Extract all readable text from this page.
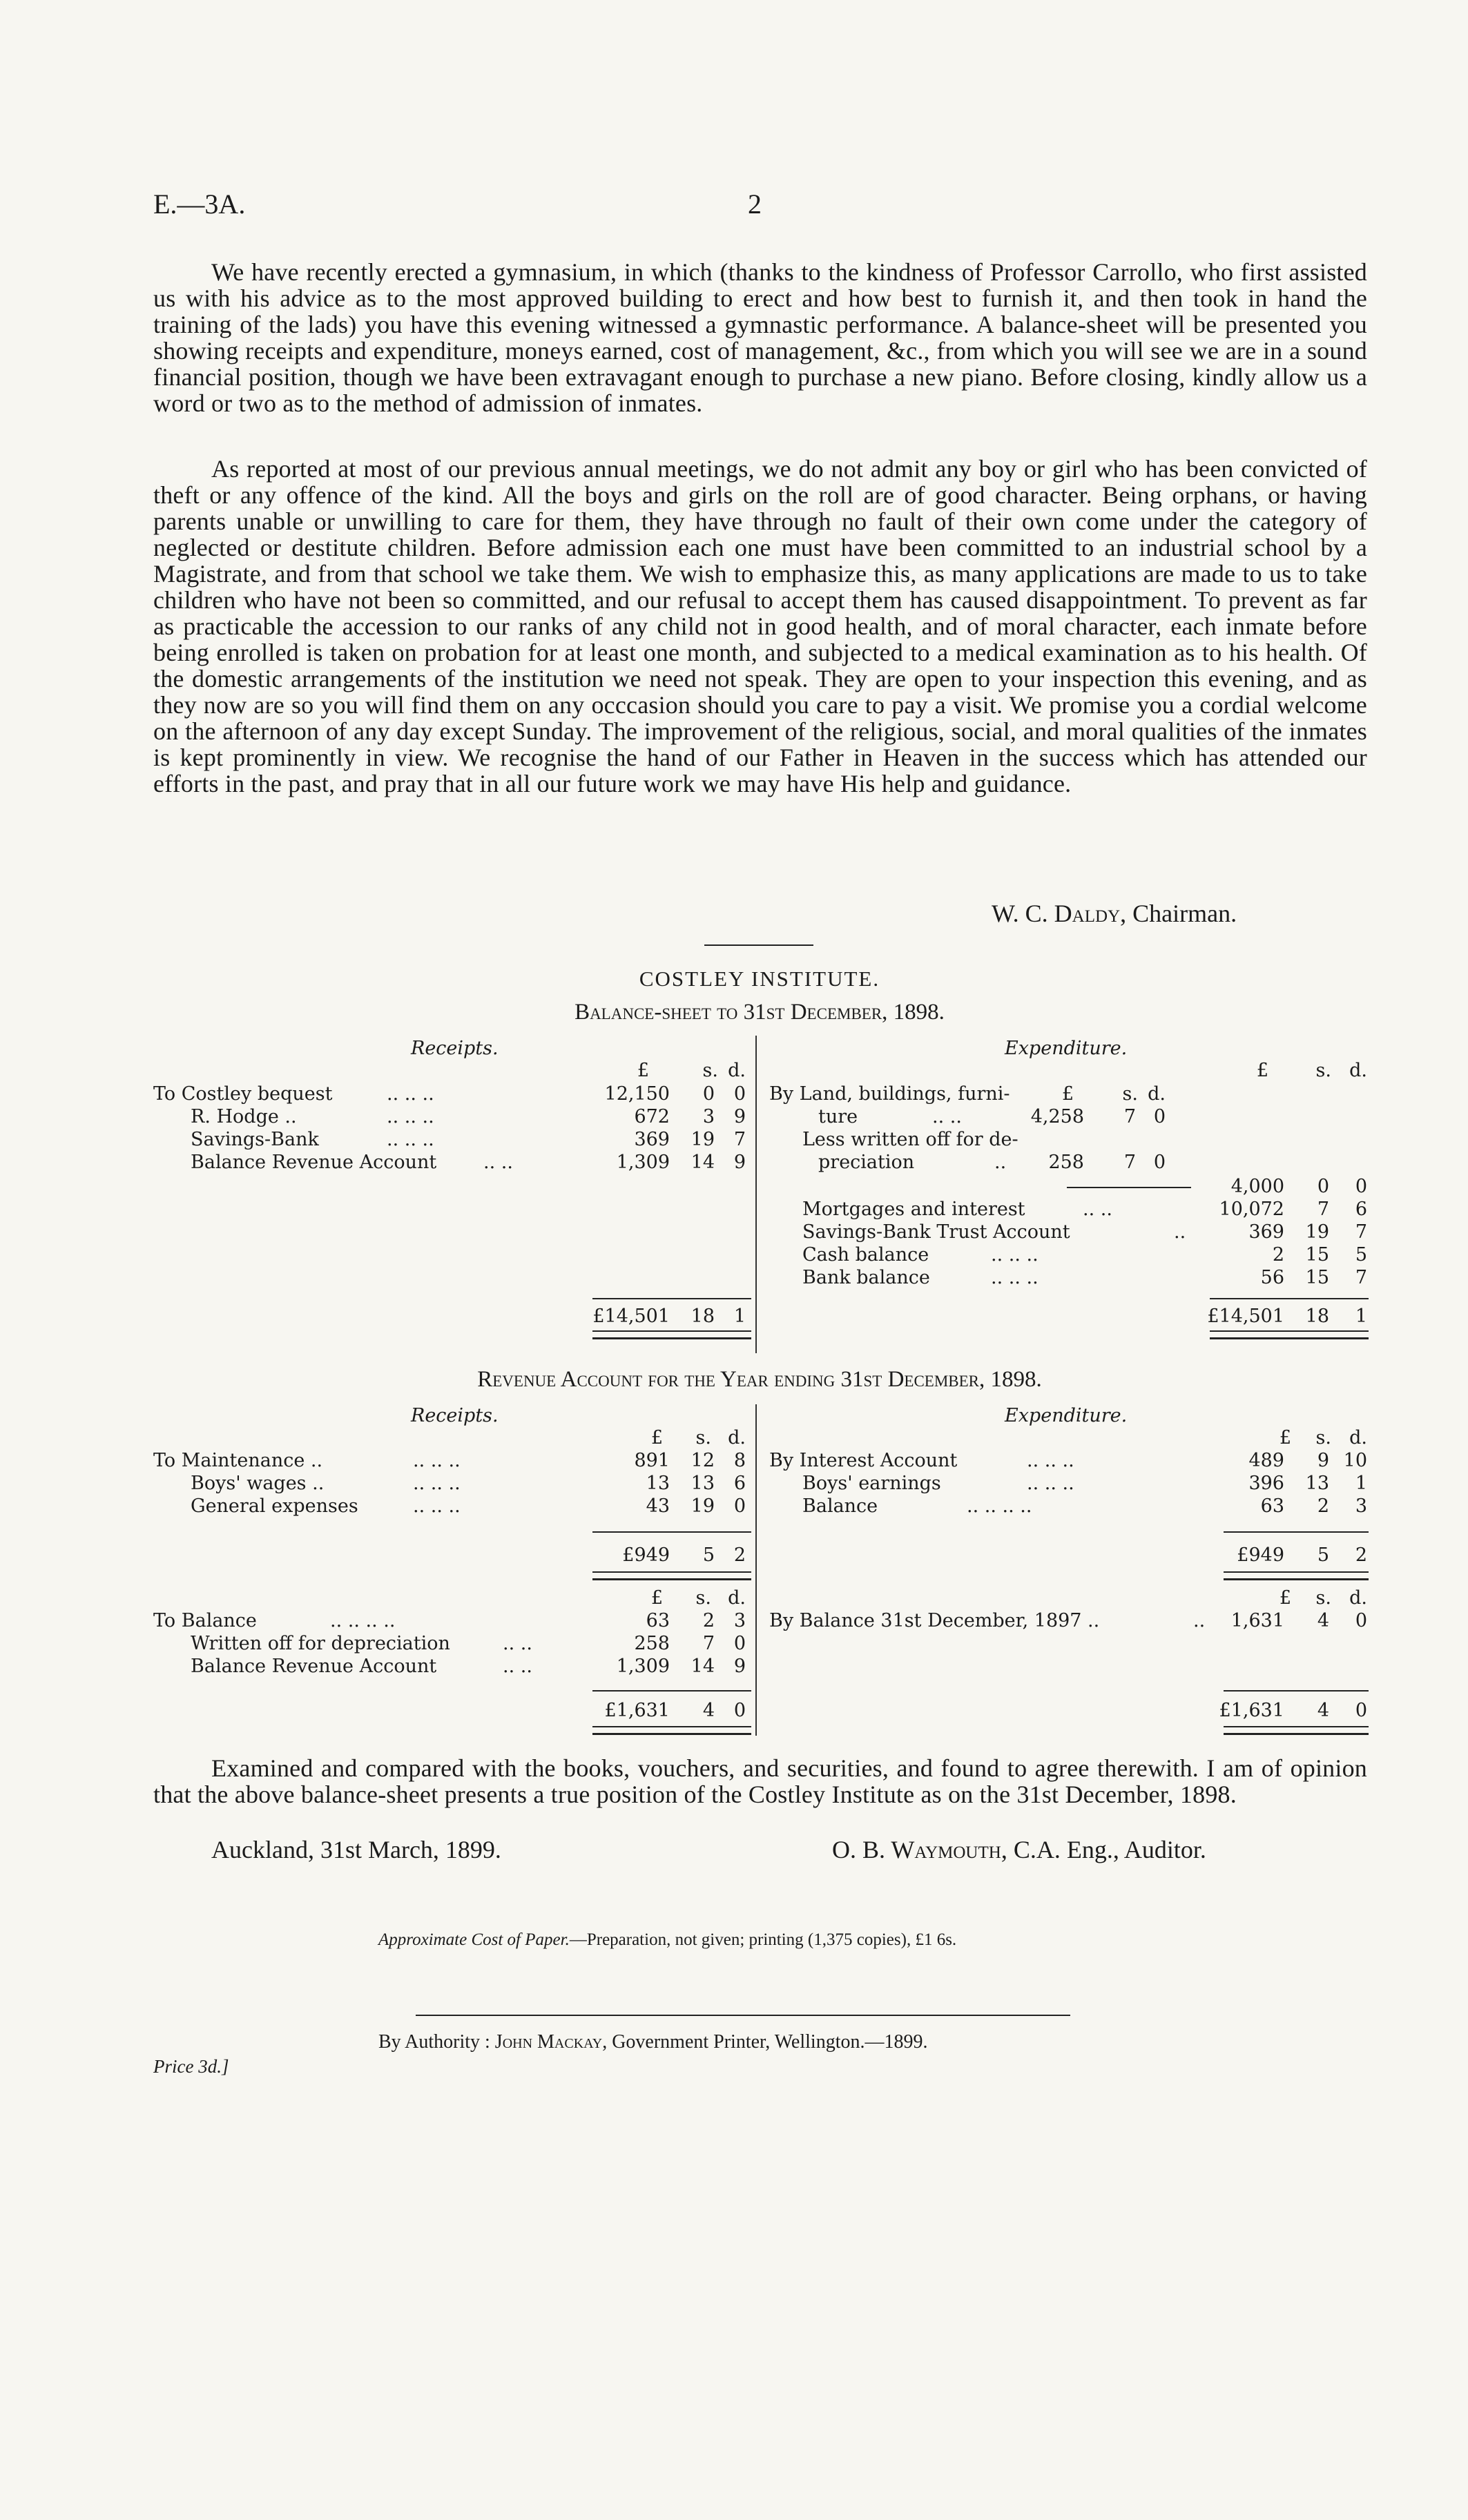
E.—3A.	2
We have recently erected a gymnasium, in which (thanks to the kindness of Professor Carrollo, who first assisted us with his advice as to the most approved building to erect and how best to furnish it, and then took in hand the training of the lads) you have this evening witnessed a gymnastic performance. A balance-sheet will be presented you showing receipts and expenditure, moneys earned, cost of management, &c., from which you will see we are in a sound financial position, though we have been extravagant enough to purchase a new piano. Before closing, kindly allow us a word or two as to the method of admission of inmates.
As reported at most of our previous annual meetings, we do not admit any boy or girl who has been convicted of theft or any offence of the kind. All the boys and girls on the roll are of good character. Being orphans, or having parents unable or unwilling to care for them, they have through no fault of their own come under the category of neglected or destitute children. Before admission each one must have been committed to an industrial school by a Magistrate, and from that school we take them. We wish to emphasize this, as many applications are made to us to take children who have not been so committed, and our refusal to accept them has caused disappointment. To prevent as far as practicable the accession to our ranks of any child not in good health, and of moral character, each inmate before being enrolled is taken on probation for at least one month, and subjected to a medical examination as to his health. Of the domestic arrangements of the institution we need not speak. They are open to your inspection this evening, and as they now are so you will find them on any occcasion should you care to pay a visit. We promise you a cordial welcome on the afternoon of any day except Sunday. The improvement of the religious, social, and moral qualities of the inmates is kept prominently in view. We recognise the hand of our Father in Heaven in the success which has attended our efforts in the past, and pray that in all our future work we may have His help and guidance.
W. C. Daldy, Chairman.
COSTLEY INSTITUTE.
Balance-sheet to 31st December, 1898.
Receipts.	Expenditure.
£	s. d.
To Costley bequest	.. .. ..	12,150	0	0
R. Hodge ..	.. .. ..	672	3	9
Savings-Bank	.. .. ..	369	19	7
Balance Revenue Account	.. ..	1,309	14	9
£14,501	18	1
£	s. d.
£	s. d.
By Land, buildings, furni-
ture	.. ..	4,258	7 0
Less written off for de-
preciation	..	258	7 0
4,000	0	0
Mortgages and interest	.. ..	10,072	7	6
Savings-Bank Trust Account	..	369	19	7
Cash balance	.. .. ..	2	15	5
Bank balance	.. .. ..	56	15	7
£14,501	18	1
Revenue Account for the Year ending 31st December, 1898.
Receipts.	Expenditure.
£	s. d.	£	s. d.
To Maintenance ..	.. .. ..	891	12	8
Boys' wages ..	.. .. ..	13	13	6
General expenses	.. .. ..	43	19	0
£949	5	2
By Interest Account	.. .. ..	489	9 10
Boys' earnings	.. .. ..	396	13	1
Balance	.. .. .. ..	63	2	3
£949	5	2
£	s. d.	£	s. d.
To Balance	.. .. .. ..	63	2	3
Written off for depreciation	.. ..	258	7	0
Balance Revenue Account	.. ..	1,309	14	9
£1,631	4	0
By Balance 31st December, 1897 ..	..	1,631	4	0
£1,631	4	0
Examined and compared with the books, vouchers, and securities, and found to agree therewith. I am of opinion that the above balance-sheet presents a true position of the Costley Institute as on the 31st December, 1898.
Auckland, 31st March, 1899.	O. B. Waymouth, C.A. Eng., Auditor.
Approximate Cost of Paper.—Preparation, not given; printing (1,375 copies), £1 6s.
By Authority : John Mackay, Government Printer, Wellington.—1899.
Price 3d.]
